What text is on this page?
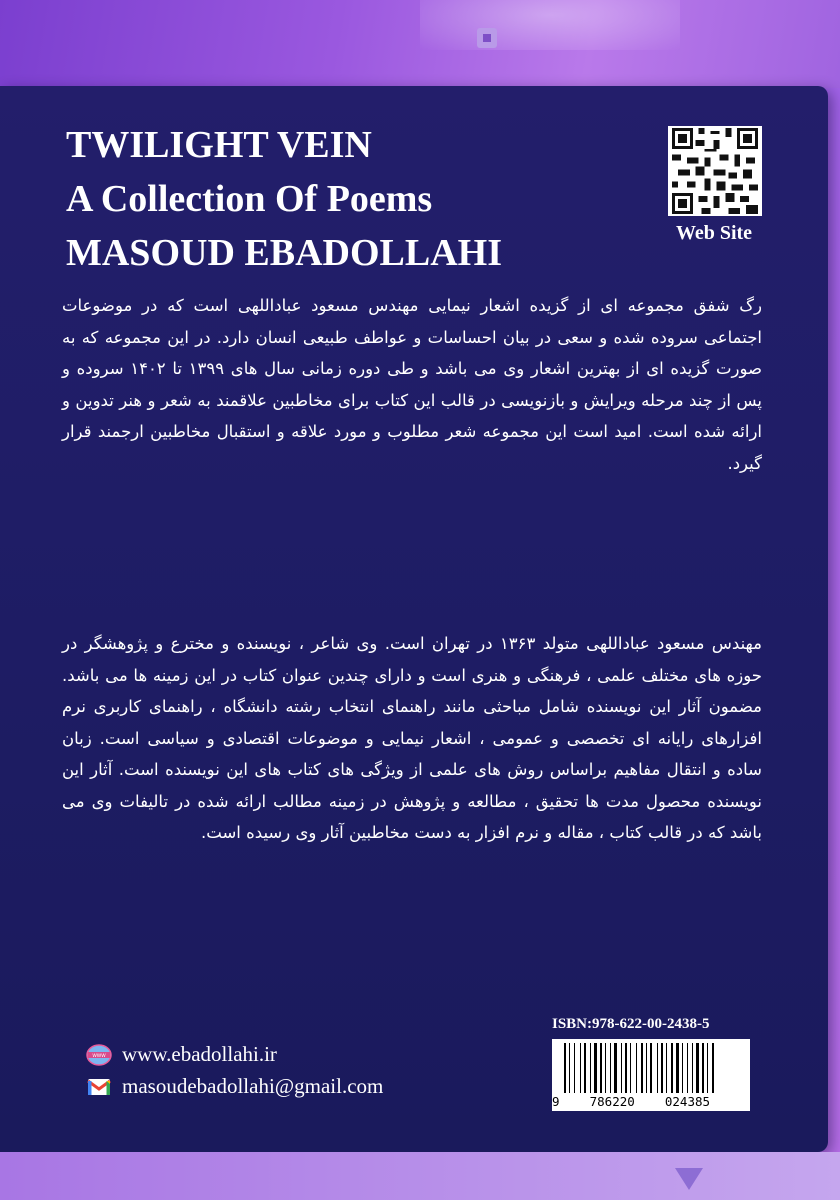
TWILIGHT VEIN
A Collection Of Poems
MASOUD EBADOLLAHI	Web Site
رگ شفق مجموعه ای از گزیده اشعار نیمایی مهندس مسعود عباداللهی است که در موضوعات اجتماعی سروده شده و سعی در بیان احساسات و عواطف طبیعی انسان دارد. در این مجموعه که به صورت گزیده ای از بهترین اشعار وی می باشد و طی دوره زمانی سال های ۱۳۹۹ تا ۱۴۰۲ سروده و پس از چند مرحله ویرایش و بازنویسی در قالب این کتاب برای مخاطبین علاقمند به شعر و هنر تدوین و ارائه شده است. امید است این مجموعه شعر مطلوب و مورد علاقه و استقبال مخاطبین ارجمند قرار گیرد.
مهندس مسعود عباداللهی متولد ۱۳۶۳ در تهران است. وی شاعر ، نویسنده و مخترع و پژوهشگر در حوزه های مختلف علمی ، فرهنگی و هنری است و دارای چندین عنوان کتاب در این زمینه ها می باشد. مضمون آثار این نویسنده شامل مباحثی مانند راهنمای انتخاب رشته دانشگاه ، راهنمای کاربری نرم افزارهای رایانه ای تخصصی و عمومی ، اشعار نیمایی و موضوعات اقتصادی و سیاسی است. زبان ساده و انتقال مفاهیم براساس روش های علمی از ویژگی های کتاب های این نویسنده است. آثار این نویسنده محصول مدت ها تحقیق ، مطالعه و پژوهش در زمینه مطالب ارائه شده در تالیفات وی می باشد که در قالب کتاب ، مقاله و نرم افزار به دست مخاطبین آثار وی رسیده است.
WWW www.ebadollahi.ir
masoudebadollahi@gmail.com
ISBN:978-622-00-2438-5
9    786220    024385
